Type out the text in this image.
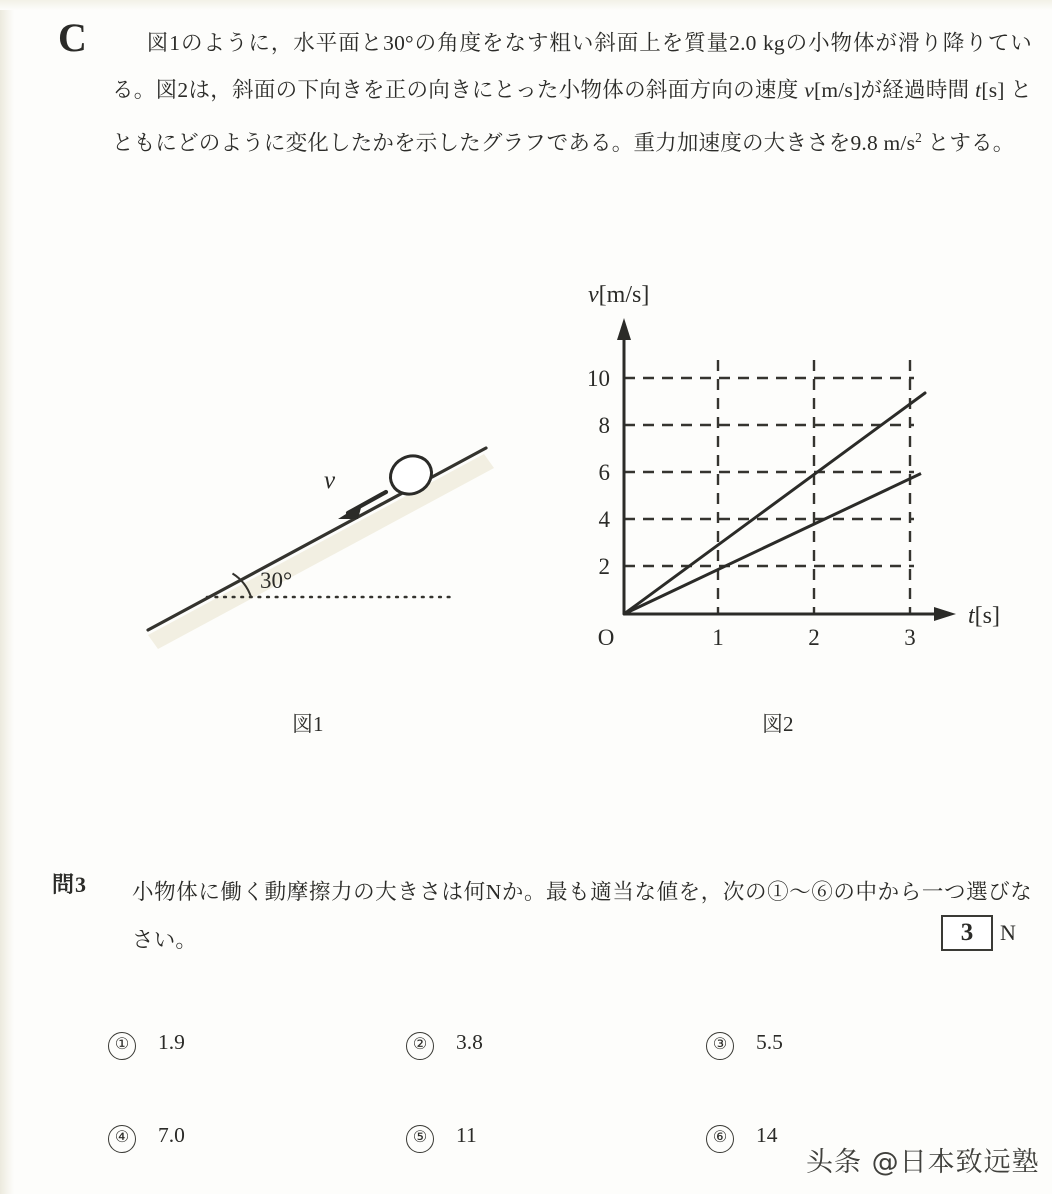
C	図1のように，水平面と30°の角度をなす粗い斜面上を質量2.0 kgの小物体が滑り降りている。図2は，斜面の下向きを正の向きにとった小物体の斜面方向の速度 v[m/s]が経過時間 t[s] とともにどのように変化したかを示したグラフである。重力加速度の大きさを9.8 $m/s^2$ とする。
30°
v
図1
10
8
6
4
2
1	2	3
O
v[m/s]
t[s]
図2
問3 小物体に働く動摩擦力の大きさは何Nか。最も適当な値を，次の①〜⑥の中から一つ選びなさい。	3	N
①	1.9	②	3.8	③	5.5
④	7.0	⑤	11	⑥	14
头条 @日本致远塾
